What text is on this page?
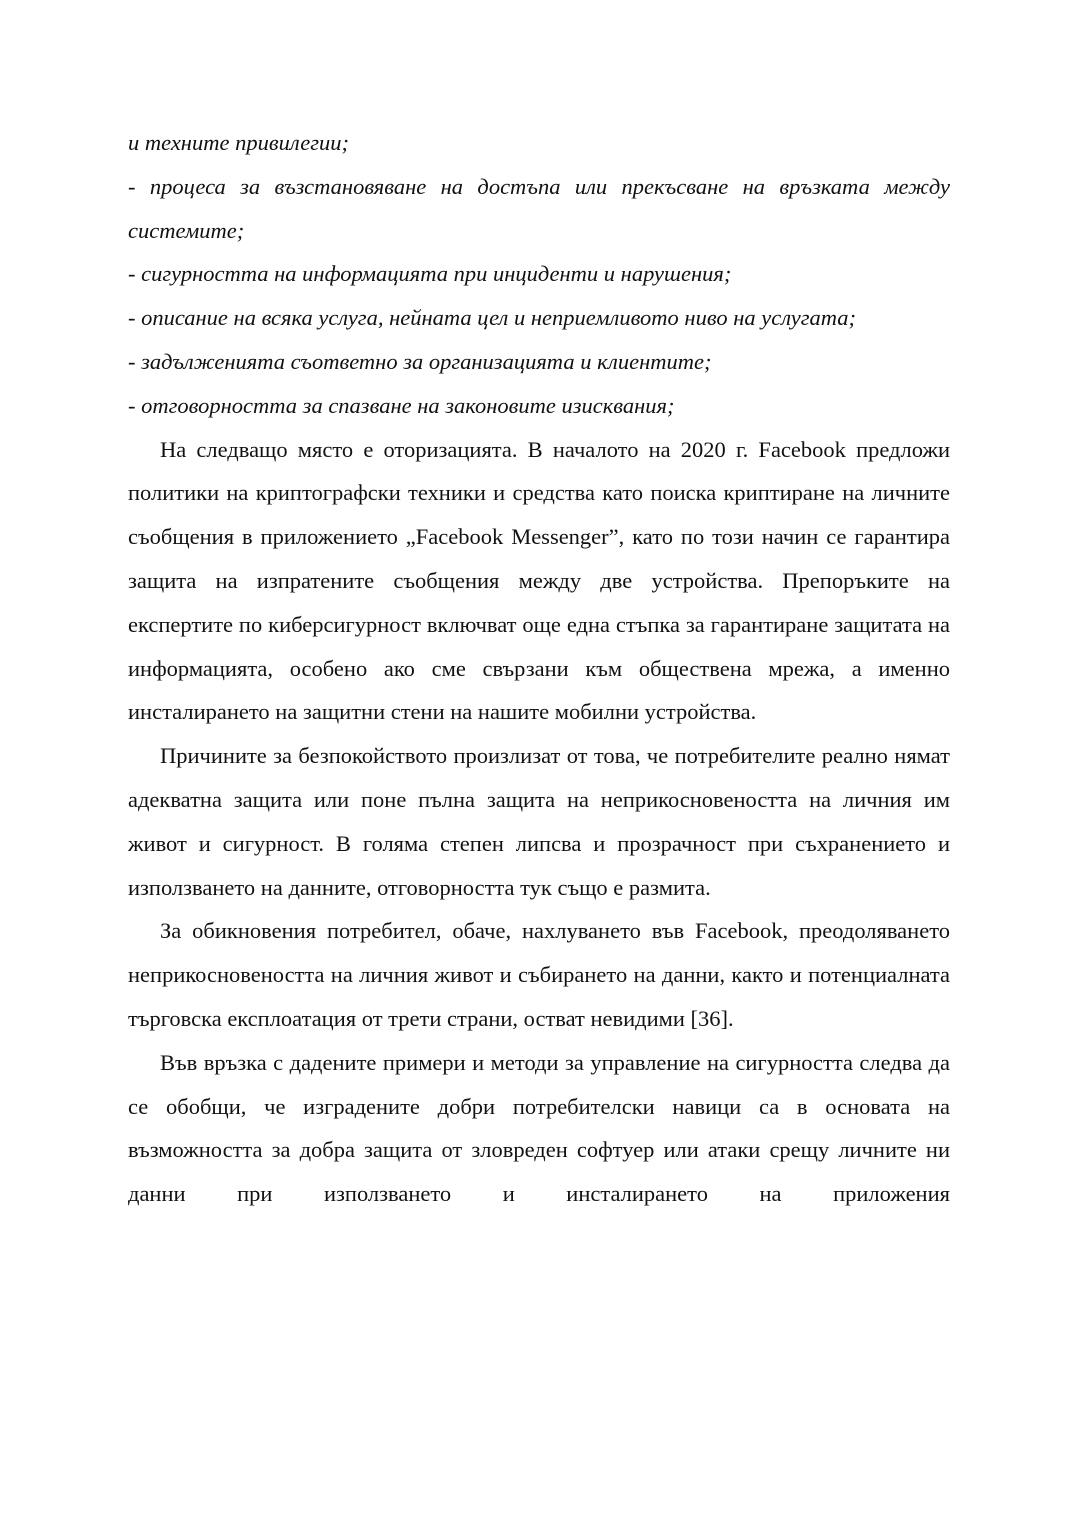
и техните привилегии;

- процеса за възстановяване на достъпа или прекъсване на връзката между системите;

- сигурността на информацията при инциденти и нарушения;

- описание на всяка услуга, нейната цел и неприемливото ниво на услугата;

- задълженията съответно за организацията и клиентите;

- отговорността за спазване на законовите изисквания;

На следващо място е оторизацията. В началото на 2020 г. Facebook предложи политики на криптографски техники и средства като поиска криптиране на личните съобщения в приложението „Facebook Messenger”, като по този начин се гарантира защита на изпратените съобщения между две устройства. Препоръките на експертите по киберсигурност включват още една стъпка за гарантиране защитата на информацията, особено ако сме свързани към обществена мрежа, а именно инсталирането на защитни стени на нашите мобилни устройства.

Причините за безпокойството произлизат от това, че потребителите реално нямат адекватна защита или поне пълна защита на неприкосновеността на личния им живот и сигурност. В голяма степен липсва и прозрачност при съхранението и използването на данните, отговорността тук също е размита.

За обикновения потребител, обаче, нахлуването във Facebook, преодоляването неприкосновеността на личния живот и събирането на данни, както и потенциалната търговска експлоатация от трети страни, остват невидими [36].

Във връзка с дадените примери и методи за управление на сигурността следва да се обобщи, че изградените добри потребителски навици са в основата на възможността за добра защита от зловреден софтуер или атаки срещу личните ни данни при използването и инсталирането на приложения
